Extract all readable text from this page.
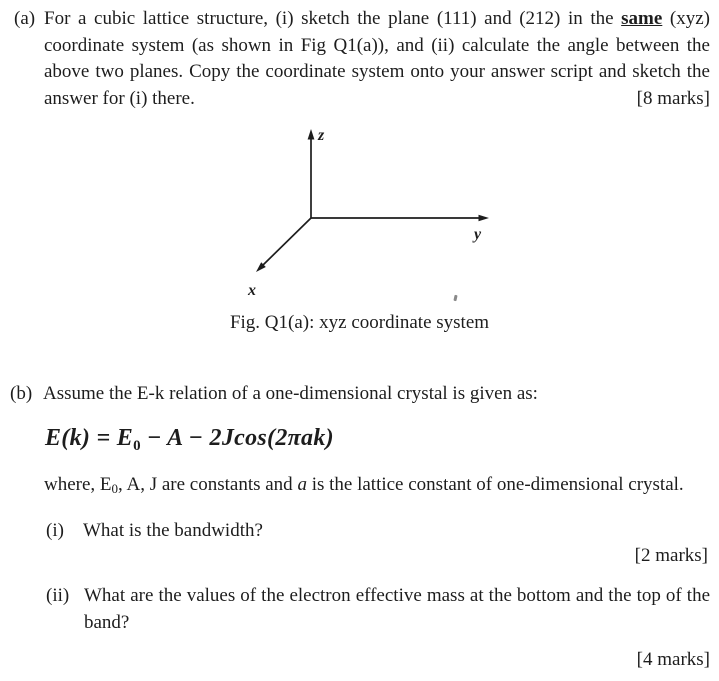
(a) For a cubic lattice structure, (i) sketch the plane (111) and (212) in the same (xyz)
coordinate system (as shown in Fig Q1(a)), and (ii) calculate the angle between the
above two planes. Copy the coordinate system onto your answer script and sketch the
answer for (i) there.	[8 marks]
z
y
x
Fig. Q1(a): xyz coordinate system
(b) Assume the E-k relation of a one-dimensional crystal is given as:
$E(k) = E_0 - A - 2Jcos(2\pi ak)$
where, E0, A, J are constants and a is the lattice constant of one-dimensional crystal.
(i) What is the bandwidth?
[2 marks]
(ii) What are the values of the electron effective mass at the bottom and the top of the
band?
[4 marks]
